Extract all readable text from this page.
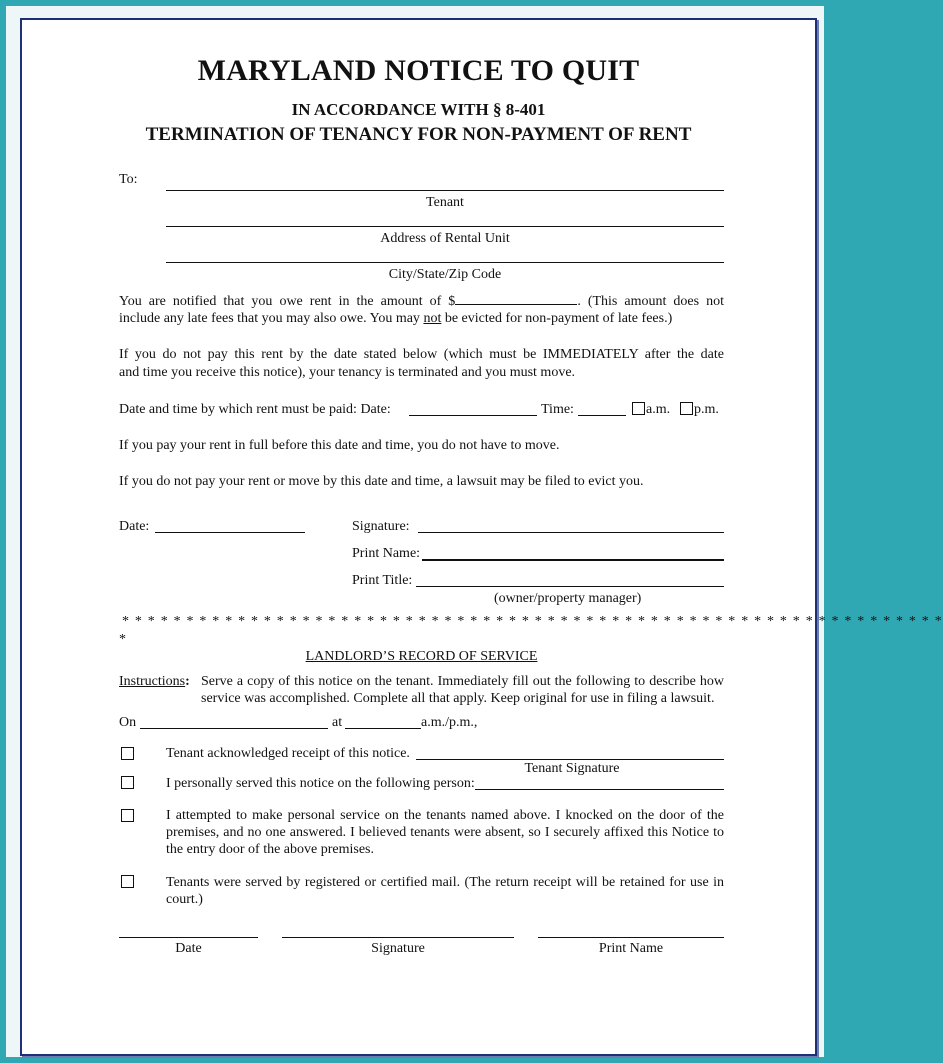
MARYLAND NOTICE TO QUIT
IN ACCORDANCE WITH § 8-401
TERMINATION OF TENANCY FOR NON-PAYMENT OF RENT
To:
Tenant
Address of Rental Unit
City/State/Zip Code
You are notified that you owe rent in the amount of $	. (This amount does not
include any late fees that you may also owe. You may not be evicted for non-payment of late fees.)
If you do not pay this rent by the date stated below (which must be IMMEDIATELY after the date
and time you receive this notice), your tenancy is terminated and you must move.
Date and time by which rent must be paid: Date:	Time:	a.m. p.m.
If you pay your rent in full before this date and time, you do not have to move.
If you do not pay your rent or move by this date and time, a lawsuit may be filed to evict you.
Date:	Signature:
Print Name:
Print Title:
(owner/property manager)
* * * * * * * * * * * * * * * * * * * * * * * * * * * * * * * * * * * * * * * * * * * * * * * * * * * * * * * * * * * * * * * *
*
LANDLORD’S RECORD OF SERVICE
Instructions: Serve a copy of this notice on the tenant. Immediately fill out the following to describe how
service was accomplished. Complete all that apply. Keep original for use in filing a lawsuit.
On	at	a.m./p.m.,
Tenant acknowledged receipt of this notice.
Tenant Signature
I personally served this notice on the following person:
I attempted to make personal service on the tenants named above. I knocked on the door of the
premises, and no one answered. I believed tenants were absent, so I securely affixed this Notice to
the entry door of the above premises.
Tenants were served by registered or certified mail. (The return receipt will be retained for use in
court.)
Date	Signature	Print Name
